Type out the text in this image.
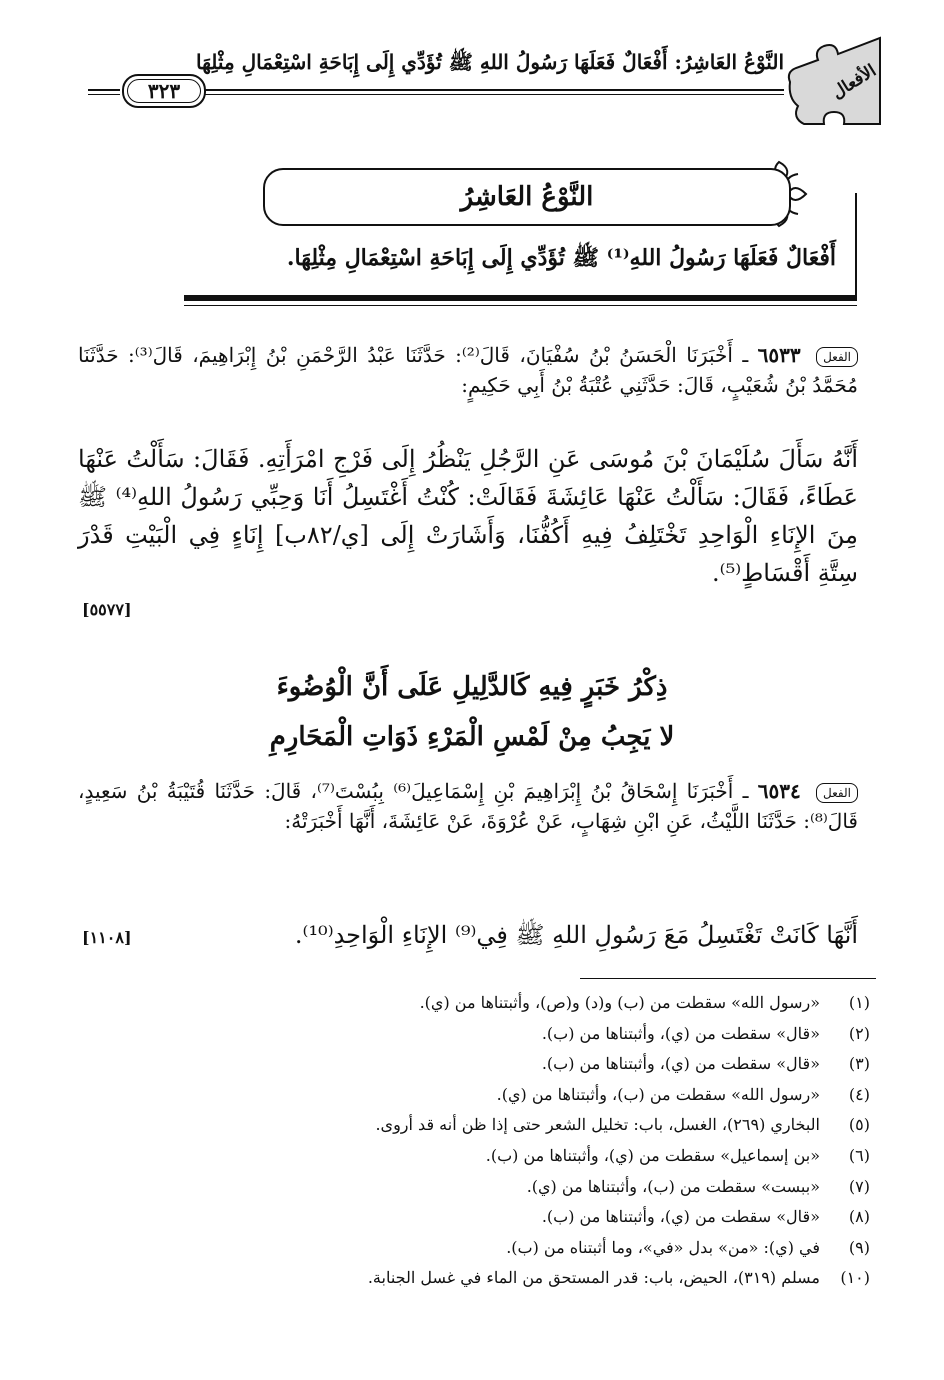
الأفعال
النَّوْعُ العَاشِرُ: أَفْعَالٌ فَعَلَهَا رَسُولُ اللهِ ﷺ تُؤَدِّي إِلَى إِبَاحَةِ اسْتِعْمَالِ مِثْلِهَا
٣٢٣
النَّوْعُ العَاشِرُ
أَفْعَالٌ فَعَلَهَا رَسُولُ اللهِ⁽¹⁾ ﷺ تُؤَدِّي إِلَى إِبَاحَةِ اسْتِعْمَالِ مِثْلِهَا.
الفعل ٦٥٣٣ ـ أَخْبَرَنَا الْحَسَنُ بْنُ سُفْيَانَ، قَالَ⁽²⁾: حَدَّثَنَا عَبْدُ الرَّحْمَنِ بْنُ إِبْرَاهِيمَ، قَالَ⁽³⁾: حَدَّثَنَا مُحَمَّدُ بْنُ شُعَيْبٍ، قَالَ: حَدَّثَنِي عُتْبَةُ بْنُ أَبِي حَكِيمٍ:
أَنَّهُ سَأَلَ سُلَيْمَانَ بْنَ مُوسَى عَنِ الرَّجُلِ يَنْظُرُ إِلَى فَرْجِ امْرَأَتِهِ. فَقَالَ: سَأَلْتُ عَنْهَا عَطَاءً، فَقَالَ: سَأَلْتُ عَنْهَا عَائِشَةَ فَقَالَتْ: كُنْتُ أَغْتَسِلُ أَنَا وَحِبِّي رَسُولُ اللهِ⁽⁴⁾ ﷺ مِنَ الإِنَاءِ الْوَاحِدِ تَخْتَلِفُ فِيهِ أَكُفُّنَا، وَأَشَارَتْ إِلَى [ي/٨٢ب] إِنَاءٍ فِي الْبَيْتِ قَدْرَ سِتَّةِ أَقْسَاطٍ⁽⁵⁾.
[٥٥٧٧]
ذِكْرُ خَبَرٍ فِيهِ كَالدَّلِيلِ عَلَى أَنَّ الْوُضُوءَ
لا يَجِبُ مِنْ لَمْسِ الْمَرْءِ ذَوَاتِ الْمَحَارِمِ
الفعل ٦٥٣٤ ـ أَخْبَرَنَا إِسْحَاقُ بْنُ إِبْرَاهِيمَ بْنِ إِسْمَاعِيلَ⁽⁶⁾ بِبُسْتَ⁽⁷⁾، قَالَ: حَدَّثَنَا قُتَيْبَةُ بْنُ سَعِيدٍ، قَالَ⁽⁸⁾: حَدَّثَنَا اللَّيْثُ، عَنِ ابْنِ شِهَابٍ، عَنْ عُرْوَةَ، عَنْ عَائِشَةَ، أَنَّهَا أَخْبَرَتْهُ:
أَنَّهَا كَانَتْ تَغْتَسِلُ مَعَ رَسُولِ اللهِ ﷺ فِي⁽⁹⁾ الإِنَاءِ الْوَاحِدِ⁽¹⁰⁾.
[١١٠٨]
(١)
«رسول الله» سقطت من (ب) و(د) و(ص)، وأثبتناها من (ي).
(٢)
«قال» سقطت من (ي)، وأثبتناها من (ب).
(٣)
«قال» سقطت من (ي)، وأثبتناها من (ب).
(٤)
«رسول الله» سقطت من (ب)، وأثبتناها من (ي).
(٥)
البخاري (٢٦٩)، الغسل، باب: تخليل الشعر حتى إذا ظن أنه قد أروى.
(٦)
«بن إسماعيل» سقطت من (ي)، وأثبتناها من (ب).
(٧)
«ببست» سقطت من (ب)، وأثبتناها من (ي).
(٨)
«قال» سقطت من (ي)، وأثبتناها من (ب).
(٩)
في (ي): «من» بدل «في»، وما أثبتناه من (ب).
(١٠)
مسلم (٣١٩)، الحيض، باب: قدر المستحق من الماء في غسل الجنابة.
